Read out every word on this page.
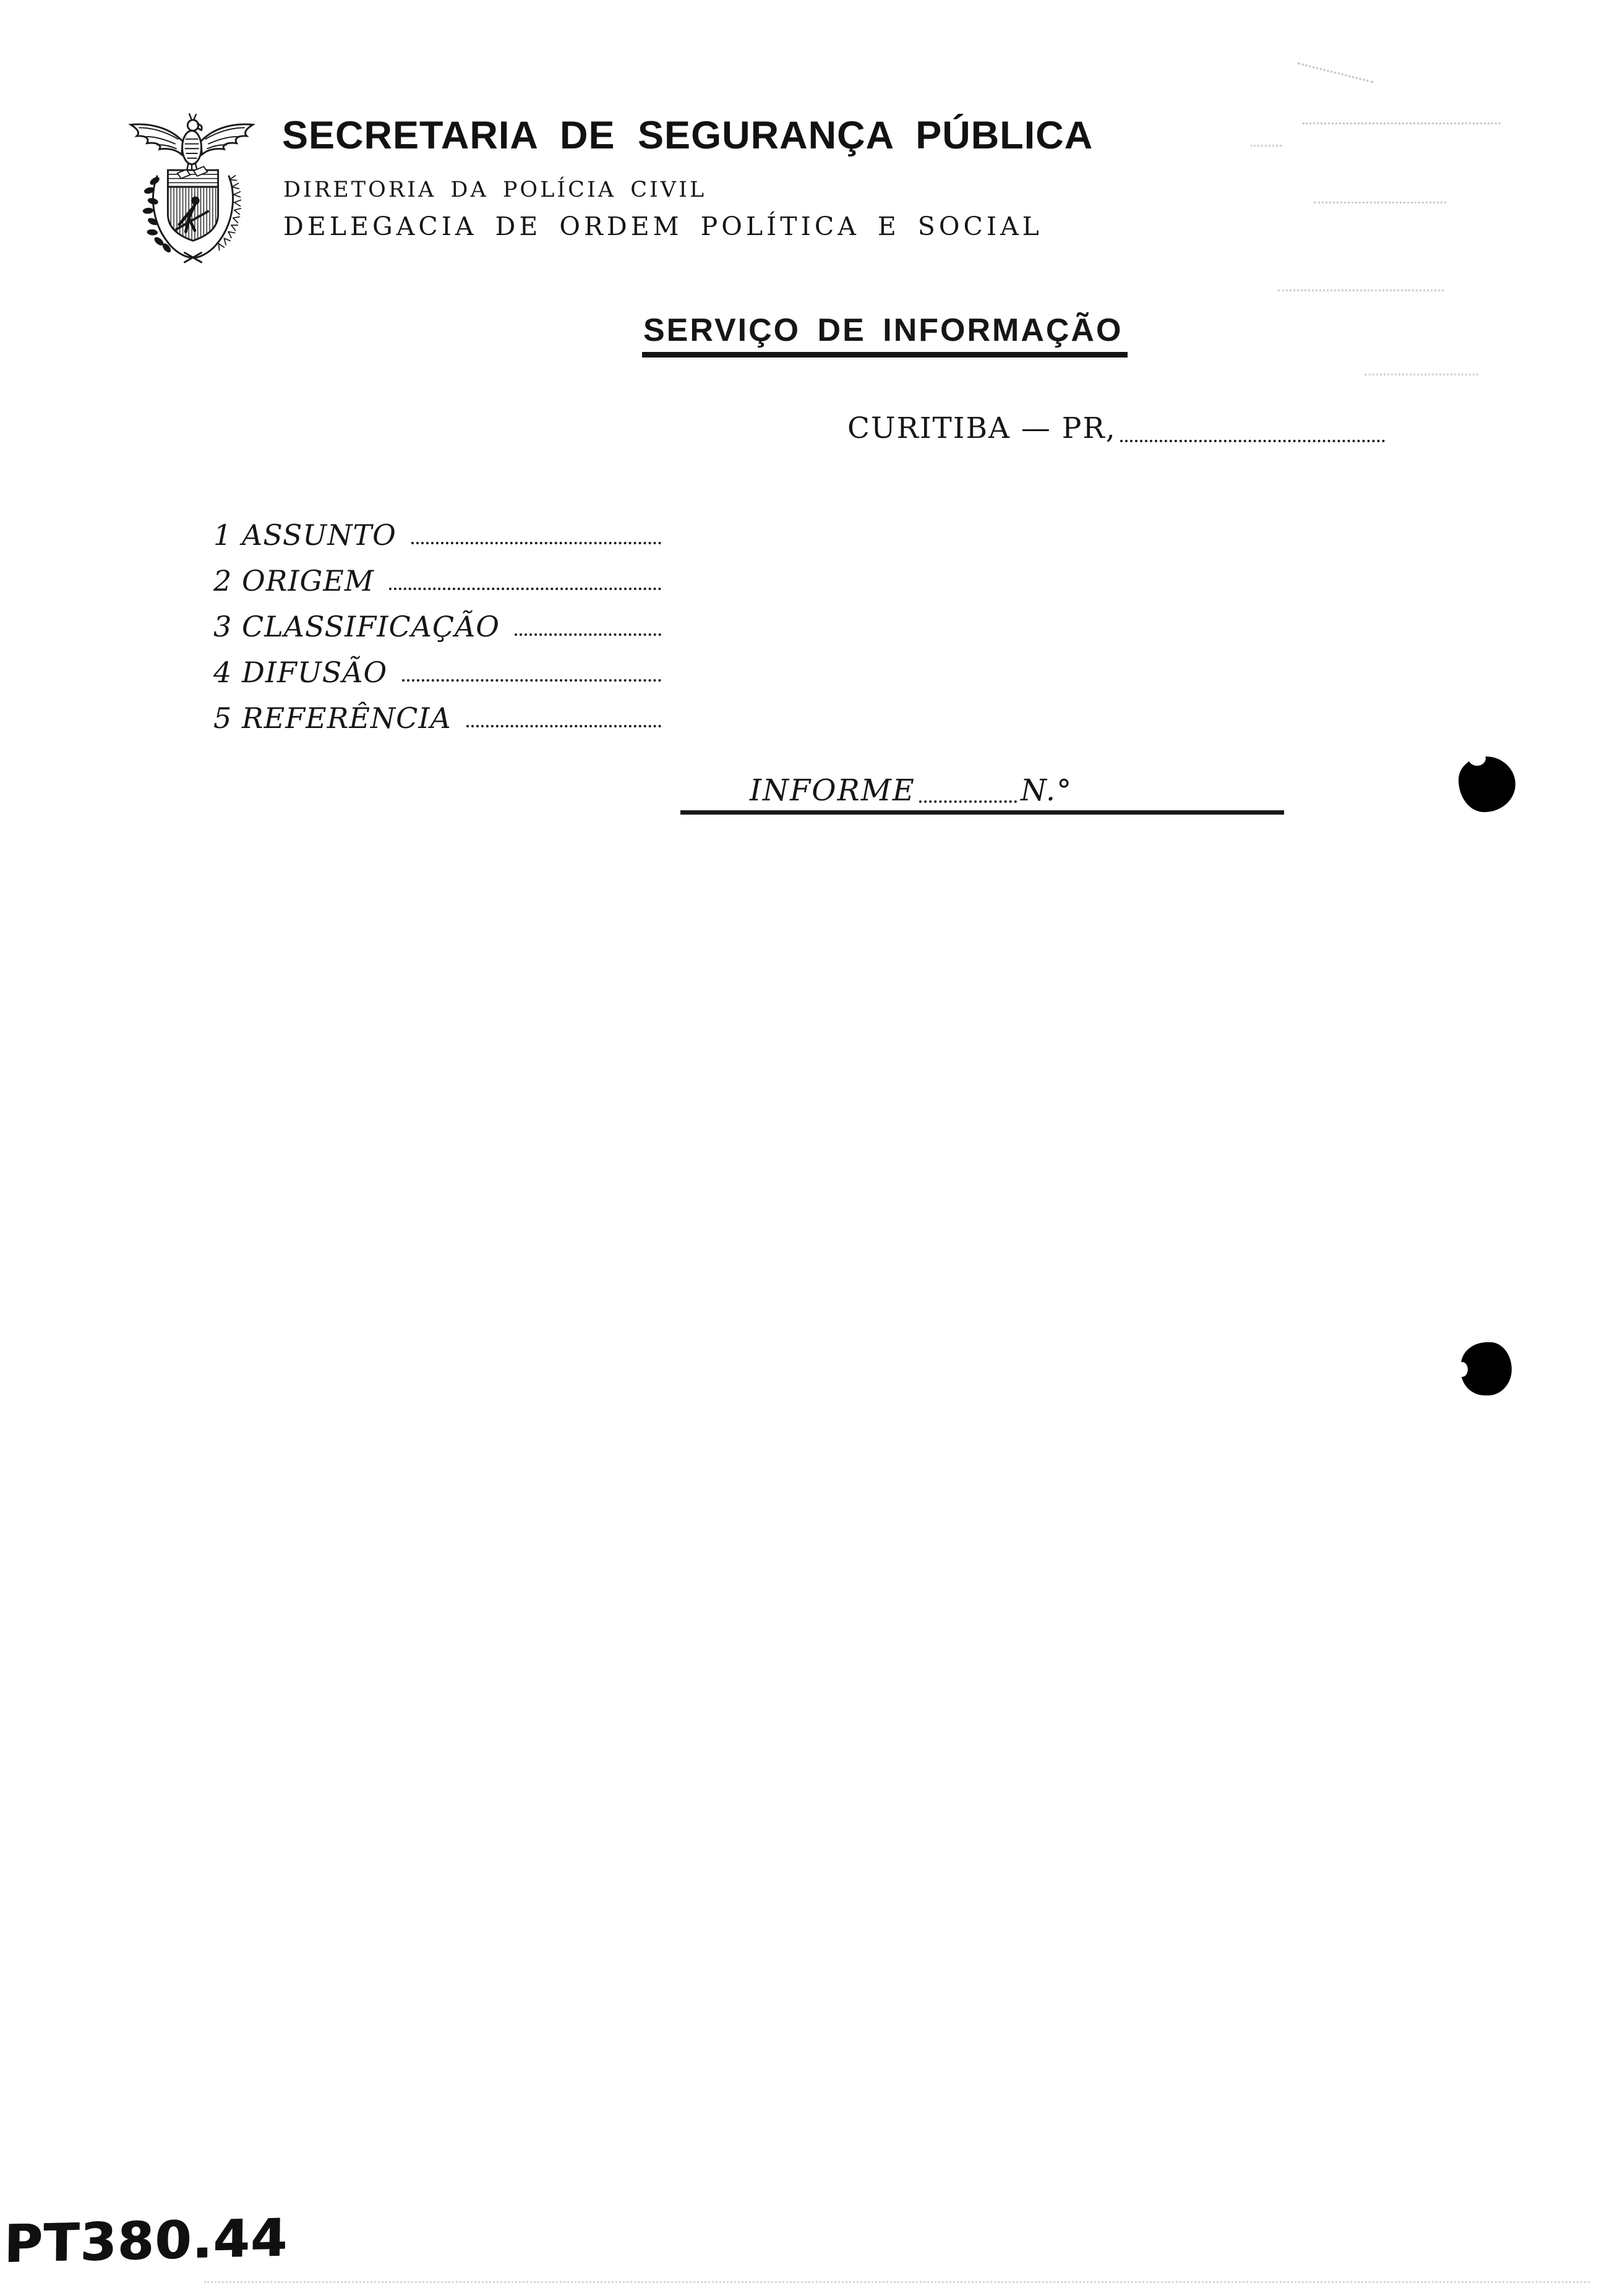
SECRETARIA DE SEGURANÇA PÚBLICA
DIRETORIA DA POLÍCIA CIVIL
DELEGACIA DE ORDEM POLÍTICA E SOCIAL
SERVIÇO DE INFORMAÇÃO
CURITIBA — PR,
1 ASSUNTO
2 ORIGEM
3 CLASSIFICAÇÃO
4 DIFUSÃO
5 REFERÊNCIA
INFORME	N.°
PT380.44
